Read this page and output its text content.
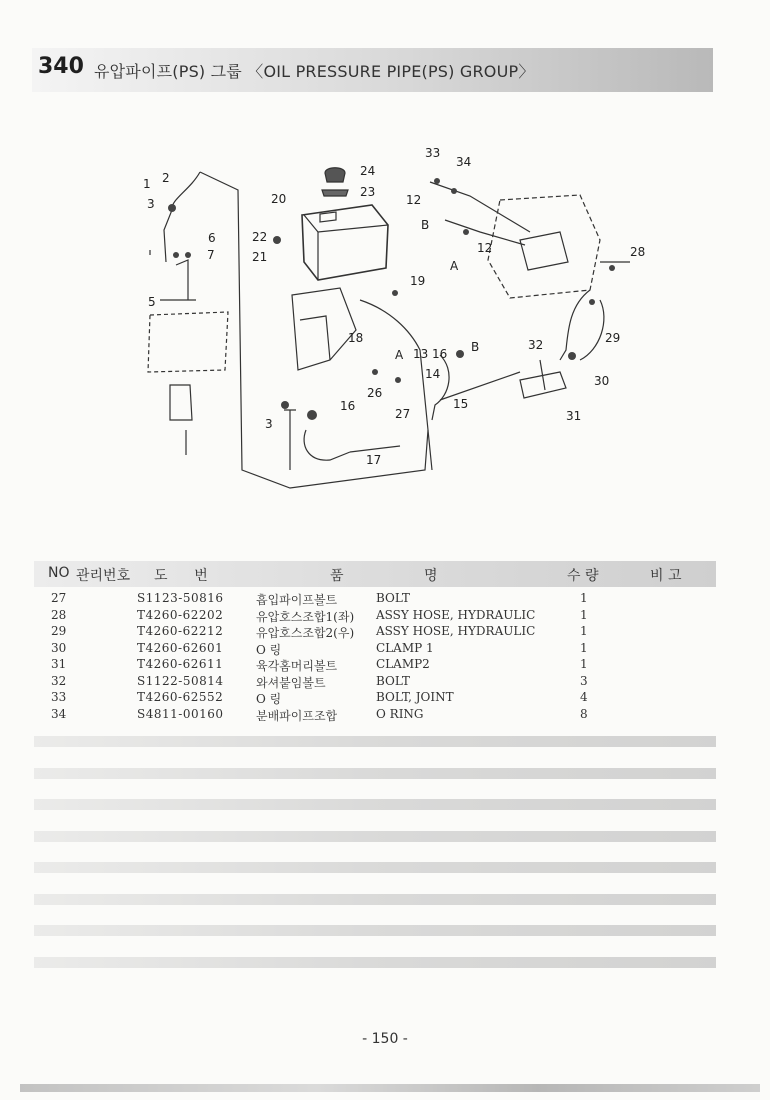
340 유압파이프(PS) 그룹 〈OIL PRESSURE PIPE(PS) GROUP〉
1 2
3
5
6
7
20
22
21
24
23
33
34
12
B
12
A
28
19
18	29
32
30
31
A 13 16 B
14
26
15
27
3
16
17
NO 관리번호 도      번	품	명	수 량	비 고
27	S1123-50816	흡입파이프볼트	BOLT	1
28	T4260-62202	유압호스조합1(좌) ASSY HOSE, HYDRAULIC	1
29	T4260-62212	유압호스조합2(우) ASSY HOSE, HYDRAULIC	1
30	T4260-62601	O 링	CLAMP 1	1
31	T4260-62611	육각홈머리볼트	CLAMP2	1
32	S1122-50814	와셔붙임볼트	BOLT	3
33	T4260-62552	O 링	BOLT, JOINT	4
34	S4811-00160	분배파이프조합	O RING	8
- 150 -
